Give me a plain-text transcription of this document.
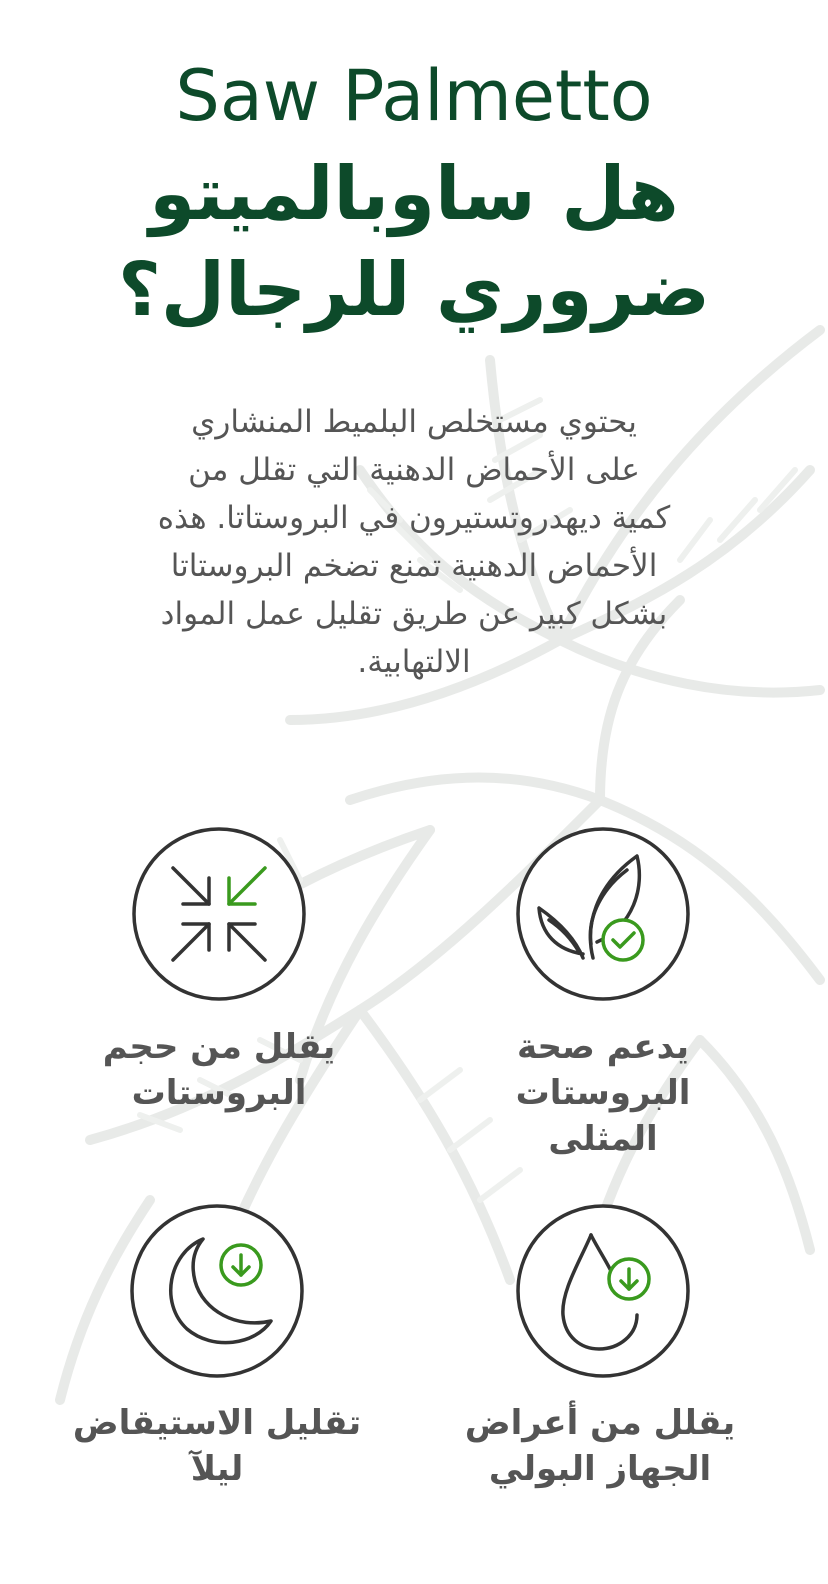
Saw Palmetto
هل ساوبالميتو
ضروري للرجال؟

يحتوي مستخلص البلميط المنشاري
على الأحماض الدهنية التي تقلل من
كمية ديهدروتستيرون في البروستاتا. هذه
الأحماض الدهنية تمنع تضخم البروستاتا
بشكل كبير عن طريق تقليل عمل المواد
الالتهابية.

يقلل من حجم
البروستات

يدعم صحة
البروستات
المثلى

تقليل الاستيقاض
ليلآ

يقلل من أعراض
الجهاز البولي
